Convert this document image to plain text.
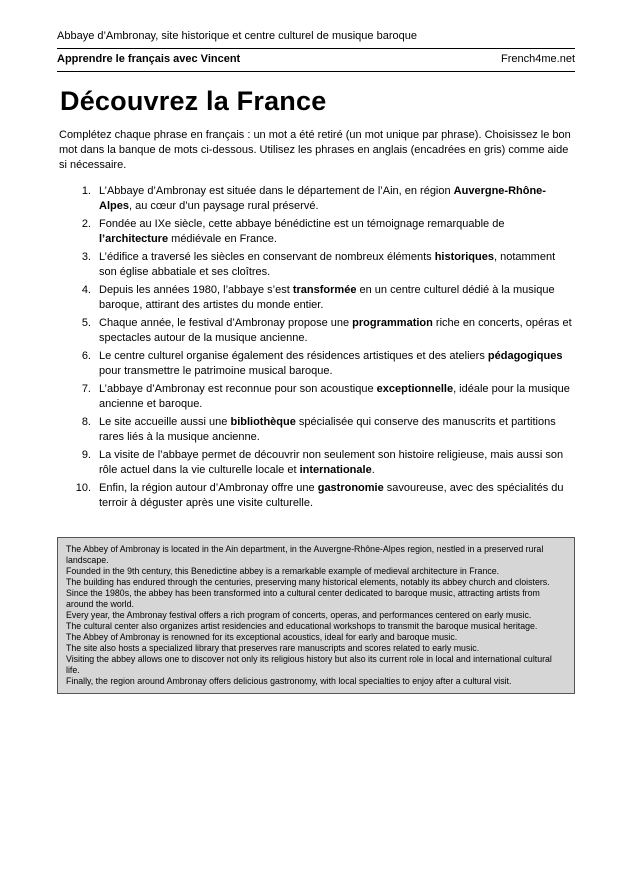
Abbaye d’Ambronay, site historique et centre culturel de musique baroque
Apprendre le français avec Vincent	French4me.net
Découvrez la France

Complétez chaque phrase en français : un mot a été retiré (un mot unique par phrase). Choisissez le bon mot dans la banque de mots ci-dessous. Utilisez les phrases en anglais (encadrées en gris) comme aide si nécessaire.

1. L’Abbaye d’Ambronay est située dans le département de l’Ain, en région Auvergne-Rhône-Alpes, au cœur d’un paysage rural préservé.
2. Fondée au IXe siècle, cette abbaye bénédictine est un témoignage remarquable de l’architecture médiévale en France.
3. L’édifice a traversé les siècles en conservant de nombreux éléments historiques, notamment son église abbatiale et ses cloîtres.
4. Depuis les années 1980, l’abbaye s’est transformée en un centre culturel dédié à la musique baroque, attirant des artistes du monde entier.
5. Chaque année, le festival d’Ambronay propose une programmation riche en concerts, opéras et spectacles autour de la musique ancienne.
6. Le centre culturel organise également des résidences artistiques et des ateliers pédagogiques pour transmettre le patrimoine musical baroque.
7. L’abbaye d’Ambronay est reconnue pour son acoustique exceptionnelle, idéale pour la musique ancienne et baroque.
8. Le site accueille aussi une bibliothèque spécialisée qui conserve des manuscrits et partitions rares liés à la musique ancienne.
9. La visite de l’abbaye permet de découvrir non seulement son histoire religieuse, mais aussi son rôle actuel dans la vie culturelle locale et internationale.
10. Enfin, la région autour d’Ambronay offre une gastronomie savoureuse, avec des spécialités du terroir à déguster après une visite culturelle.
The Abbey of Ambronay is located in the Ain department, in the Auvergne-Rhône-Alpes region, nestled in a preserved rural landscape.
Founded in the 9th century, this Benedictine abbey is a remarkable example of medieval architecture in France.
The building has endured through the centuries, preserving many historical elements, notably its abbey church and cloisters.
Since the 1980s, the abbey has been transformed into a cultural center dedicated to baroque music, attracting artists from around the world.
Every year, the Ambronay festival offers a rich program of concerts, operas, and performances centered on early music.
The cultural center also organizes artist residencies and educational workshops to transmit the baroque musical heritage.
The Abbey of Ambronay is renowned for its exceptional acoustics, ideal for early and baroque music.
The site also hosts a specialized library that preserves rare manuscripts and scores related to early music.
Visiting the abbey allows one to discover not only its religious history but also its current role in local and international cultural life.
Finally, the region around Ambronay offers delicious gastronomy, with local specialties to enjoy after a cultural visit.
